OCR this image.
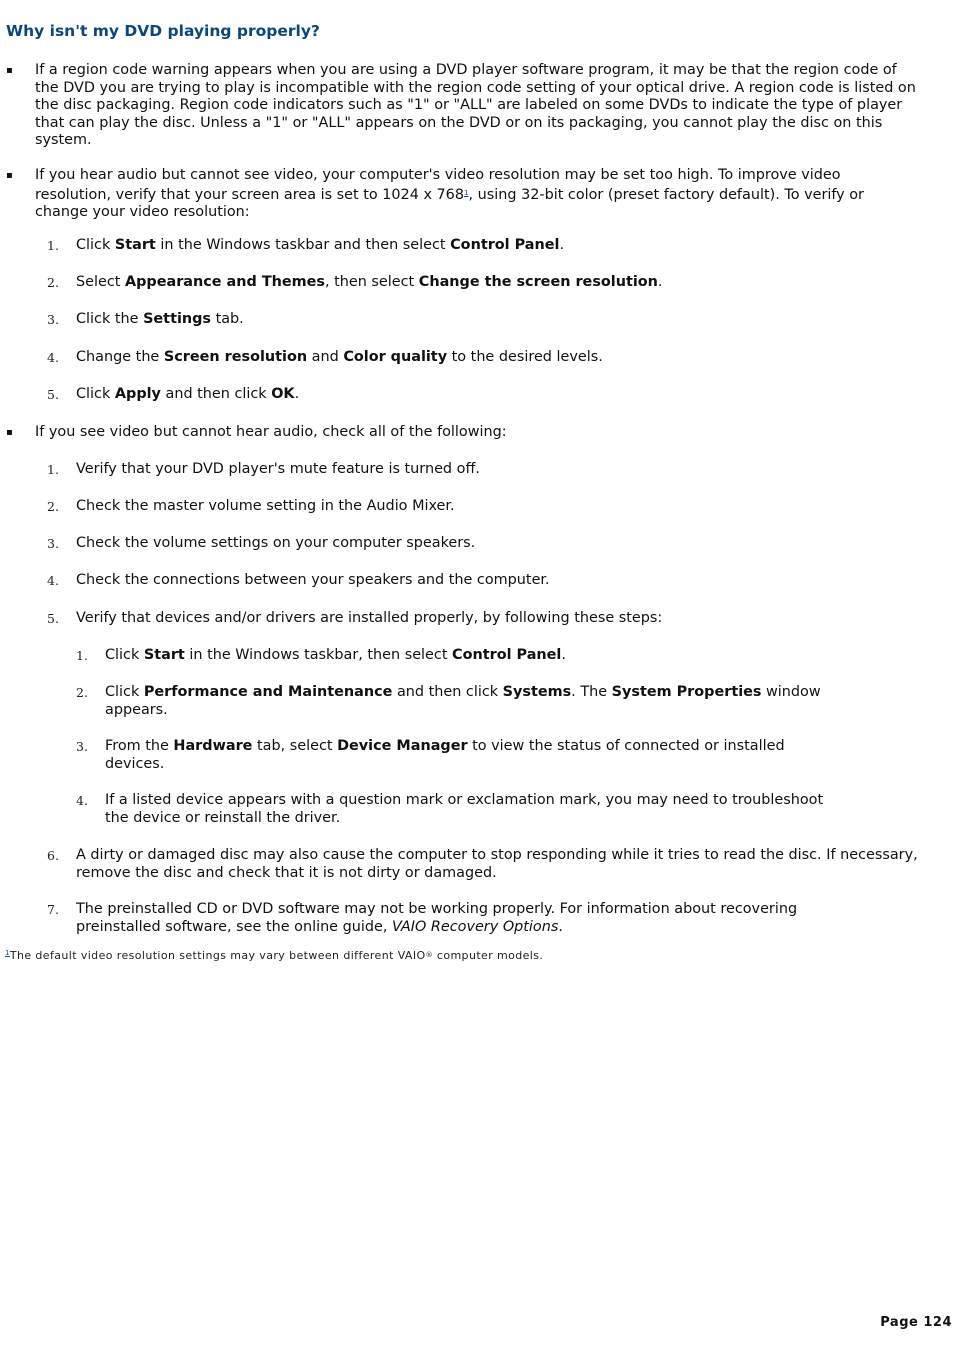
Why isn't my DVD playing properly?
▪ If a region code warning appears when you are using a DVD player software program, it may be that the region code of the DVD you are trying to play is incompatible with the region code setting of your optical drive. A region code is listed on the disc packaging. Region code indicators such as "1" or "ALL" are labeled on some DVDs to indicate the type of player that can play the disc. Unless a "1" or "ALL" appears on the DVD or on its packaging, you cannot play the disc on this system.
▪ If you hear audio but cannot see video, your computer's video resolution may be set too high. To improve video resolution, verify that your screen area is set to 1024 x $768^1$, using 32-bit color (preset factory default). To verify or change your video resolution:
1. Click Start in the Windows taskbar and then select Control Panel.
2. Select Appearance and Themes, then select Change the screen resolution.
3. Click the Settings tab.
4. Change the Screen resolution and Color quality to the desired levels.
5. Click Apply and then click OK.
▪ If you see video but cannot hear audio, check all of the following:
1. Verify that your DVD player's mute feature is turned off.
2. Check the master volume setting in the Audio Mixer.
3. Check the volume settings on your computer speakers.
4. Check the connections between your speakers and the computer.
5. Verify that devices and/or drivers are installed properly, by following these steps:
1. Click Start in the Windows taskbar, then select Control Panel.
2. Click Performance and Maintenance and then click Systems. The System Properties window appears.
3. From the Hardware tab, select Device Manager to view the status of connected or installed devices.
4. If a listed device appears with a question mark or exclamation mark, you may need to troubleshoot the device or reinstall the driver.
6. A dirty or damaged disc may also cause the computer to stop responding while it tries to read the disc. If necessary, remove the disc and check that it is not dirty or damaged.
7. The preinstalled CD or DVD software may not be working properly. For information about recovering preinstalled software, see the online guide, VAIO Recovery Options.
$^1$The default video resolution settings may vary between different VAIO® computer models.
Page 124
